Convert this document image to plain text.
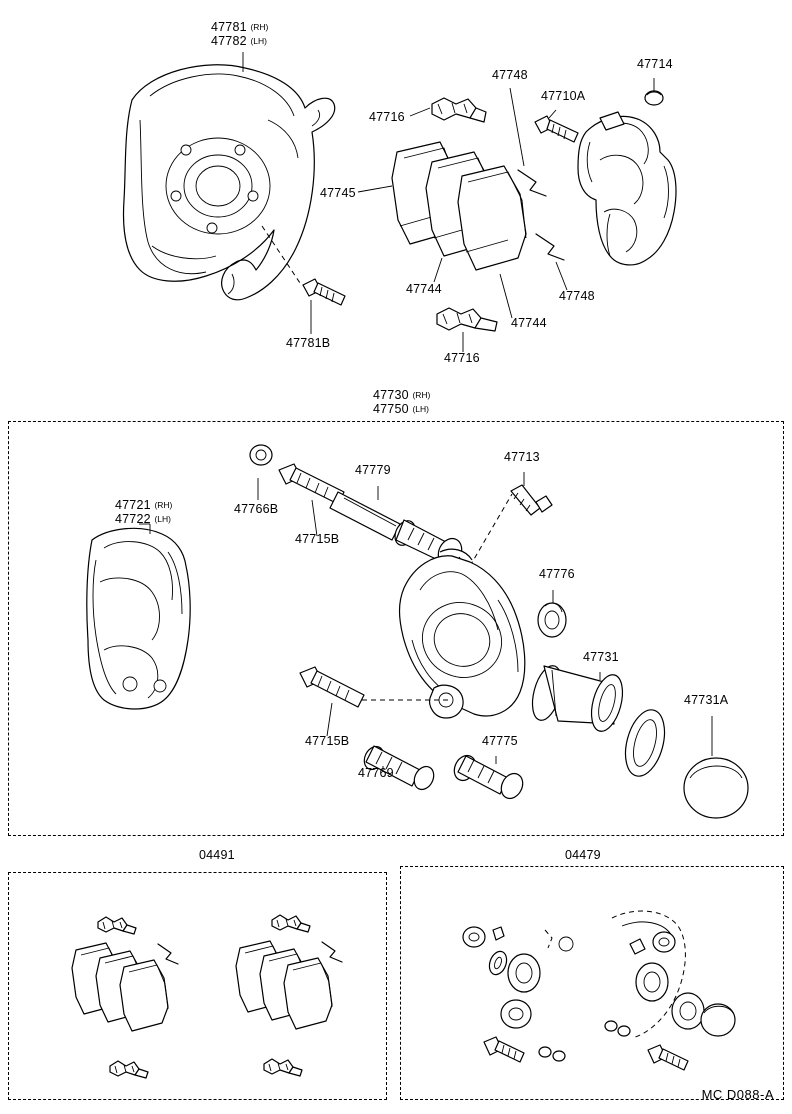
47781 (RH)
47782 (LH)
47716
47748
47710A
47714
47745
47744
47744
47748
47716
47781B
47730 (RH)
47750 (LH)
47721 (RH)
47722 (LH)
47766B
47715B
47779
47713
47776
47731
47731A
47715B
47769
47775
04491	04479
MC D088-A
